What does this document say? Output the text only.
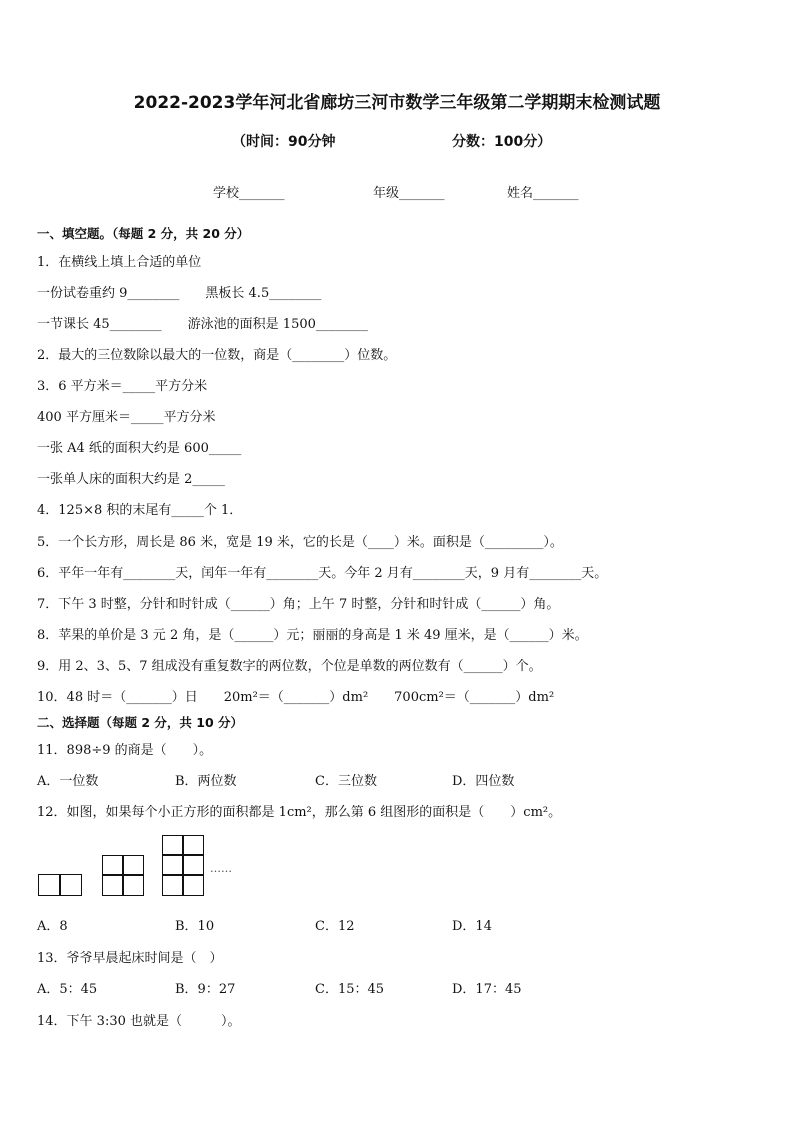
2022-2023学年河北省廊坊三河市数学三年级第二学期期末检测试题
（时间：90分钟	分数：100分）
学校_______	年级_______	姓名_______
一、填空题。（每题 2 分，共 20 分）
1．在横线上填上合适的单位
一份试卷重约 9________　　黑板长 4.5________
一节课长 45________　　游泳池的面积是 1500________
2．最大的三位数除以最大的一位数，商是（________）位数。
3．6 平方米＝_____平方分米
400 平方厘米＝_____平方分米
一张 A4 纸的面积大约是 600_____
一张单人床的面积大约是 2_____
4．125×8 积的末尾有_____个 1．
5．一个长方形，周长是 86 米，宽是 19 米，它的长是（____）米。面积是（_________）。
6．平年一年有________天，闰年一年有________天。今年 2 月有________天，9 月有________天。
7．下午 3 时整，分针和时针成（______）角；上午 7 时整，分针和时针成（______）角。
8．苹果的单价是 3 元 2 角，是（______）元；丽丽的身高是 1 米 49 厘米，是（______）米。
9．用 2、3、5、7 组成没有重复数字的两位数，个位是单数的两位数有（______）个。
10．48 时＝（_______）日　　20m²＝（_______）dm²　　700cm²＝（_______）dm²
二、选择题（每题 2 分，共 10 分）
11．898÷9 的商是（　　）。
A．一位数	B．两位数	C．三位数	D．四位数
12．如图，如果每个小正方形的面积都是 1cm²，那么第 6 组图形的面积是（　　）cm²。
……
A．8	B．10	C．12	D．14
13．爷爷早晨起床时间是（　）
A．5：45	B．9：27	C．15：45	D．17：45
14．下午 3:30 也就是（　　　）。
